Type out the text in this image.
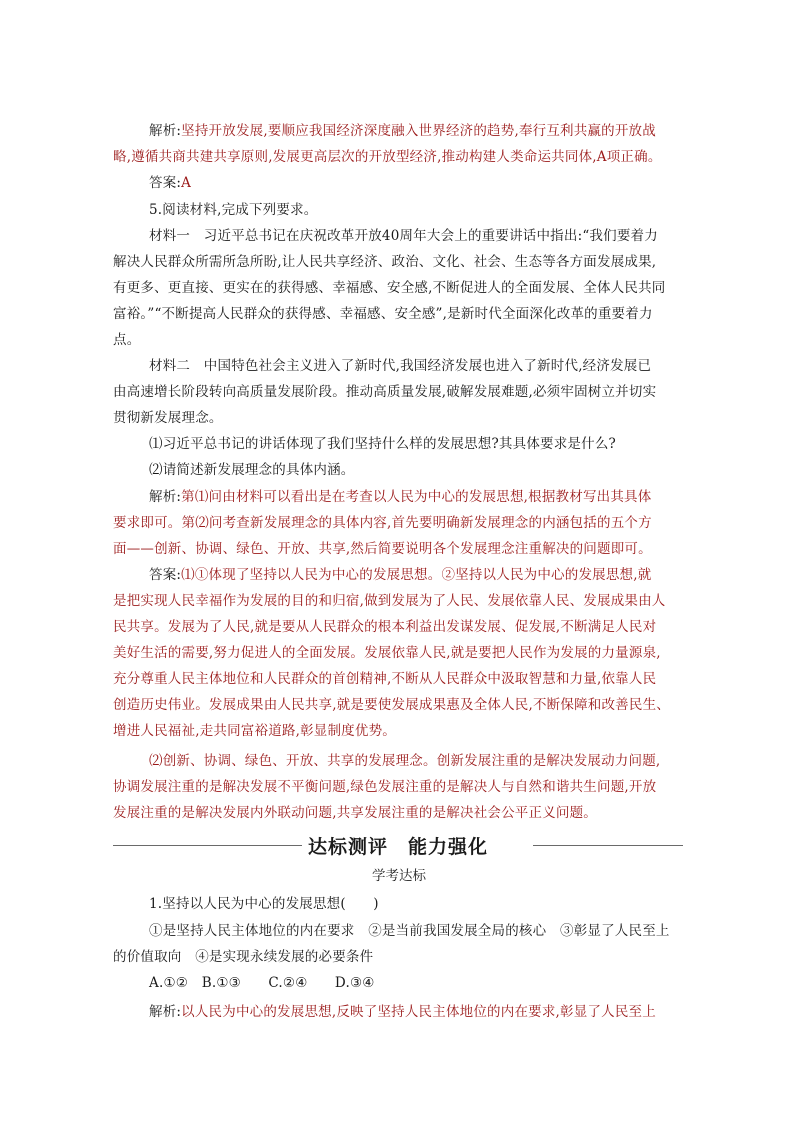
解析:坚持开放发展,要顺应我国经济深度融入世界经济的趋势,奉行互利共赢的开放战
略,遵循共商共建共享原则,发展更高层次的开放型经济,推动构建人类命运共同体,A项正确。
答案:A
5.阅读材料,完成下列要求。
材料一　习近平总书记在庆祝改革开放40周年大会上的重要讲话中指出:“我们要着力
解决人民群众所需所急所盼,让人民共享经济、政治、文化、社会、生态等各方面发展成果,
有更多、更直接、更实在的获得感、幸福感、安全感,不断促进人的全面发展、全体人民共同
富裕。”“不断提高人民群众的获得感、幸福感、安全感”,是新时代全面深化改革的重要着力
点。
材料二　中国特色社会主义进入了新时代,我国经济发展也进入了新时代,经济发展已
由高速增长阶段转向高质量发展阶段。推动高质量发展,破解发展难题,必须牢固树立并切实
贯彻新发展理念。
⑴习近平总书记的讲话体现了我们坚持什么样的发展思想?其具体要求是什么?
⑵请简述新发展理念的具体内涵。
解析:第⑴问由材料可以看出是在考查以人民为中心的发展思想,根据教材写出其具体
要求即可。第⑵问考查新发展理念的具体内容,首先要明确新发展理念的内涵包括的五个方
面——创新、协调、绿色、开放、共享,然后简要说明各个发展理念注重解决的问题即可。
答案:⑴①体现了坚持以人民为中心的发展思想。②坚持以人民为中心的发展思想,就
是把实现人民幸福作为发展的目的和归宿,做到发展为了人民、发展依靠人民、发展成果由人
民共享。发展为了人民,就是要从人民群众的根本利益出发谋发展、促发展,不断满足人民对
美好生活的需要,努力促进人的全面发展。发展依靠人民,就是要把人民作为发展的力量源泉,
充分尊重人民主体地位和人民群众的首创精神,不断从人民群众中汲取智慧和力量,依靠人民
创造历史伟业。发展成果由人民共享,就是要使发展成果惠及全体人民,不断保障和改善民生、
增进人民福祉,走共同富裕道路,彰显制度优势。
⑵创新、协调、绿色、开放、共享的发展理念。创新发展注重的是解决发展动力问题,
协调发展注重的是解决发展不平衡问题,绿色发展注重的是解决人与自然和谐共生问题,开放
发展注重的是解决发展内外联动问题,共享发展注重的是解决社会公平正义问题。
达标测评　能力强化
学考达标
1.坚持以人民为中心的发展思想(　　)
①是坚持人民主体地位的内在要求　②是当前我国发展全局的核心　③彰显了人民至上
的价值取向　④是实现永续发展的必要条件
A.①②　B.①③　　C.②④　　D.③④
解析:以人民为中心的发展思想,反映了坚持人民主体地位的内在要求,彰显了人民至上
